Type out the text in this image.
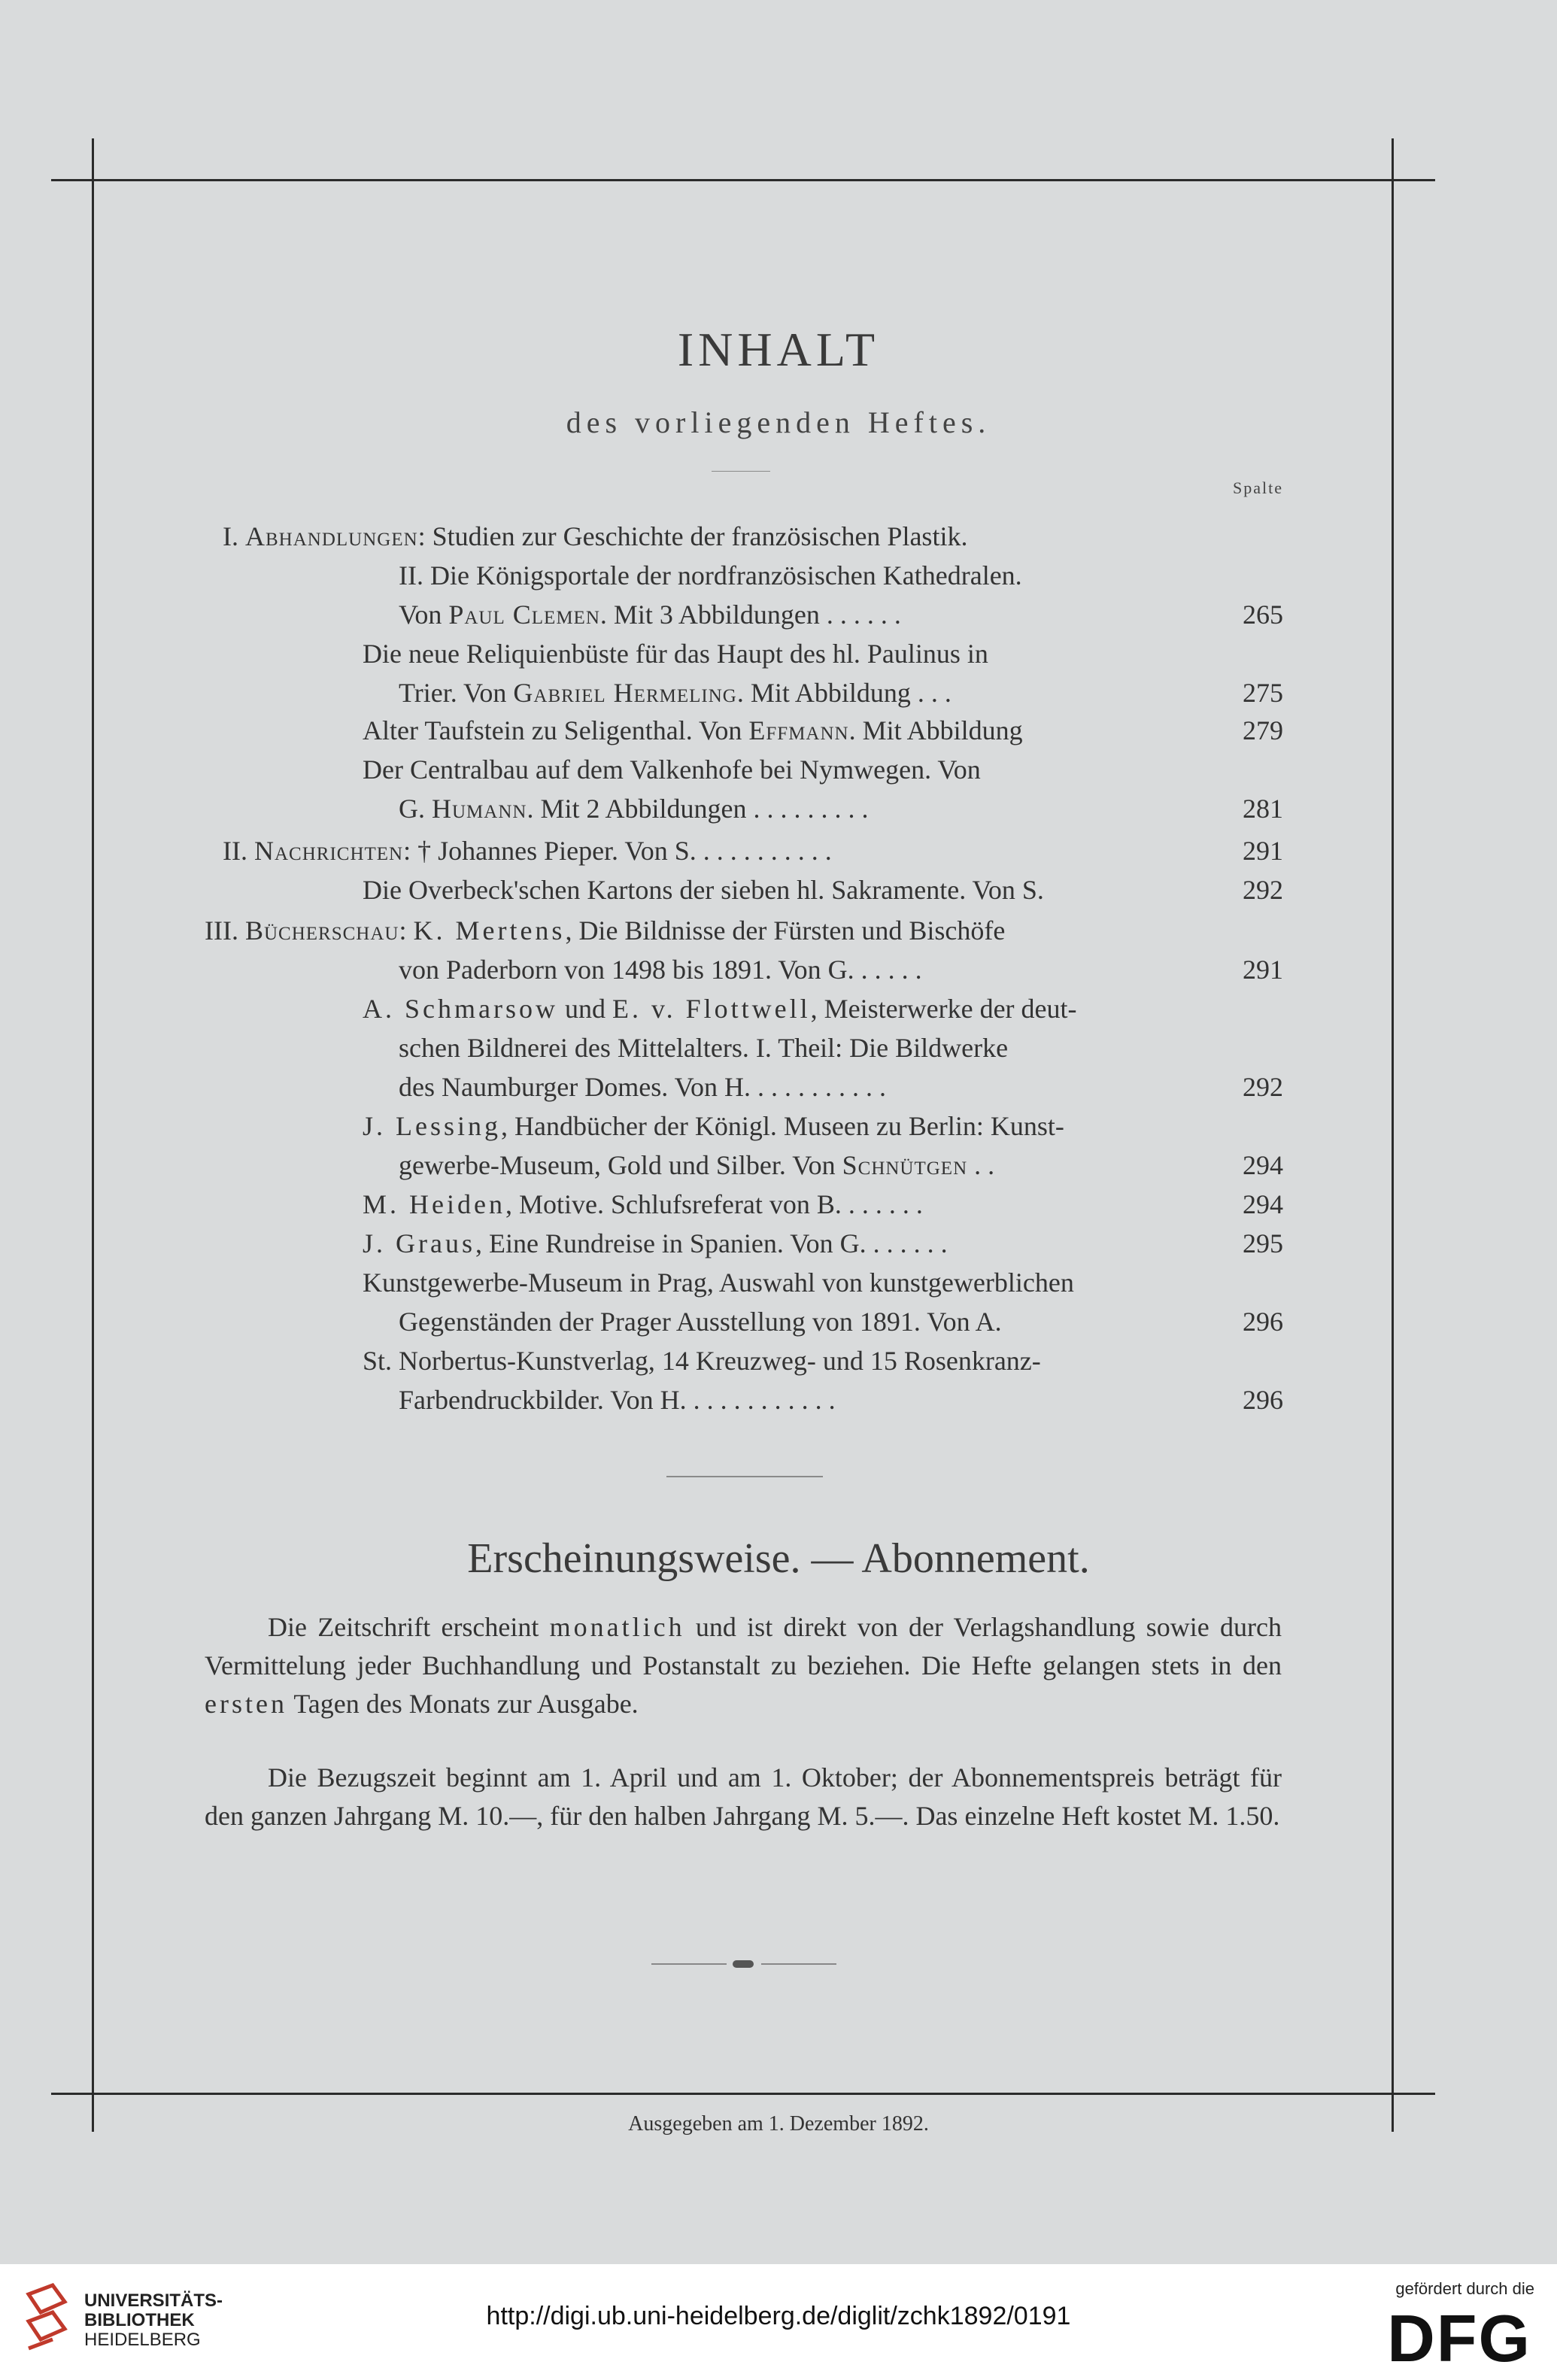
INHALT
des vorliegenden Heftes.
Spalte
I. Abhandlungen: Studien zur Geschichte der französischen Plastik.
II. Die Königsportale der nordfranzösischen Kathedralen.
Von Paul Clemen. Mit 3 Abbildungen . . . . . .	265
Die neue Reliquienbüste für das Haupt des hl. Paulinus in
Trier. Von Gabriel Hermeling. Mit Abbildung . . .	275
Alter Taufstein zu Seligenthal. Von Effmann. Mit Abbildung	279
Der Centralbau auf dem Valkenhofe bei Nymwegen. Von
G. Humann. Mit 2 Abbildungen . . . . . . . . .	281
II. Nachrichten: † Johannes Pieper. Von S. . . . . . . . . . .	291
Die Overbeck'schen Kartons der sieben hl. Sakramente. Von S.	292
III. Bücherschau: K. Mertens, Die Bildnisse der Fürsten und Bischöfe
von Paderborn von 1498 bis 1891. Von G. . . . . .	291
A. Schmarsow und E. v. Flottwell, Meisterwerke der deut-
schen Bildnerei des Mittelalters. I. Theil: Die Bildwerke
des Naumburger Domes. Von H. . . . . . . . . . .	292
J. Lessing, Handbücher der Königl. Museen zu Berlin: Kunst-
gewerbe-Museum, Gold und Silber. Von Schnütgen . .	294
M. Heiden, Motive. Schlufsreferat von B. . . . . . .	294
J. Graus, Eine Rundreise in Spanien. Von G. . . . . . .	295
Kunstgewerbe-Museum in Prag, Auswahl von kunstgewerblichen
Gegenständen der Prager Ausstellung von 1891. Von A.	296
St. Norbertus-Kunstverlag, 14 Kreuzweg- und 15 Rosenkranz-
Farbendruckbilder. Von H. . . . . . . . . . . .	296
Erscheinungsweise. — Abonnement.
Die Zeitschrift erscheint monatlich und ist direkt von der Verlagshandlung sowie durch Vermittelung jeder Buchhandlung und Postanstalt zu beziehen. Die Hefte gelangen stets in den ersten Tagen des Monats zur Ausgabe.
Die Bezugszeit beginnt am 1. April und am 1. Oktober; der Abonnementspreis beträgt für den ganzen Jahrgang M. 10.—, für den halben Jahrgang M. 5.—. Das einzelne Heft kostet M. 1.50.
Ausgegeben am 1. Dezember 1892.
UNIVERSITÄTS-
BIBLIOTHEK
HEIDELBERG
http://digi.ub.uni-heidelberg.de/diglit/zchk1892/0191
gefördert durch die
DFG
